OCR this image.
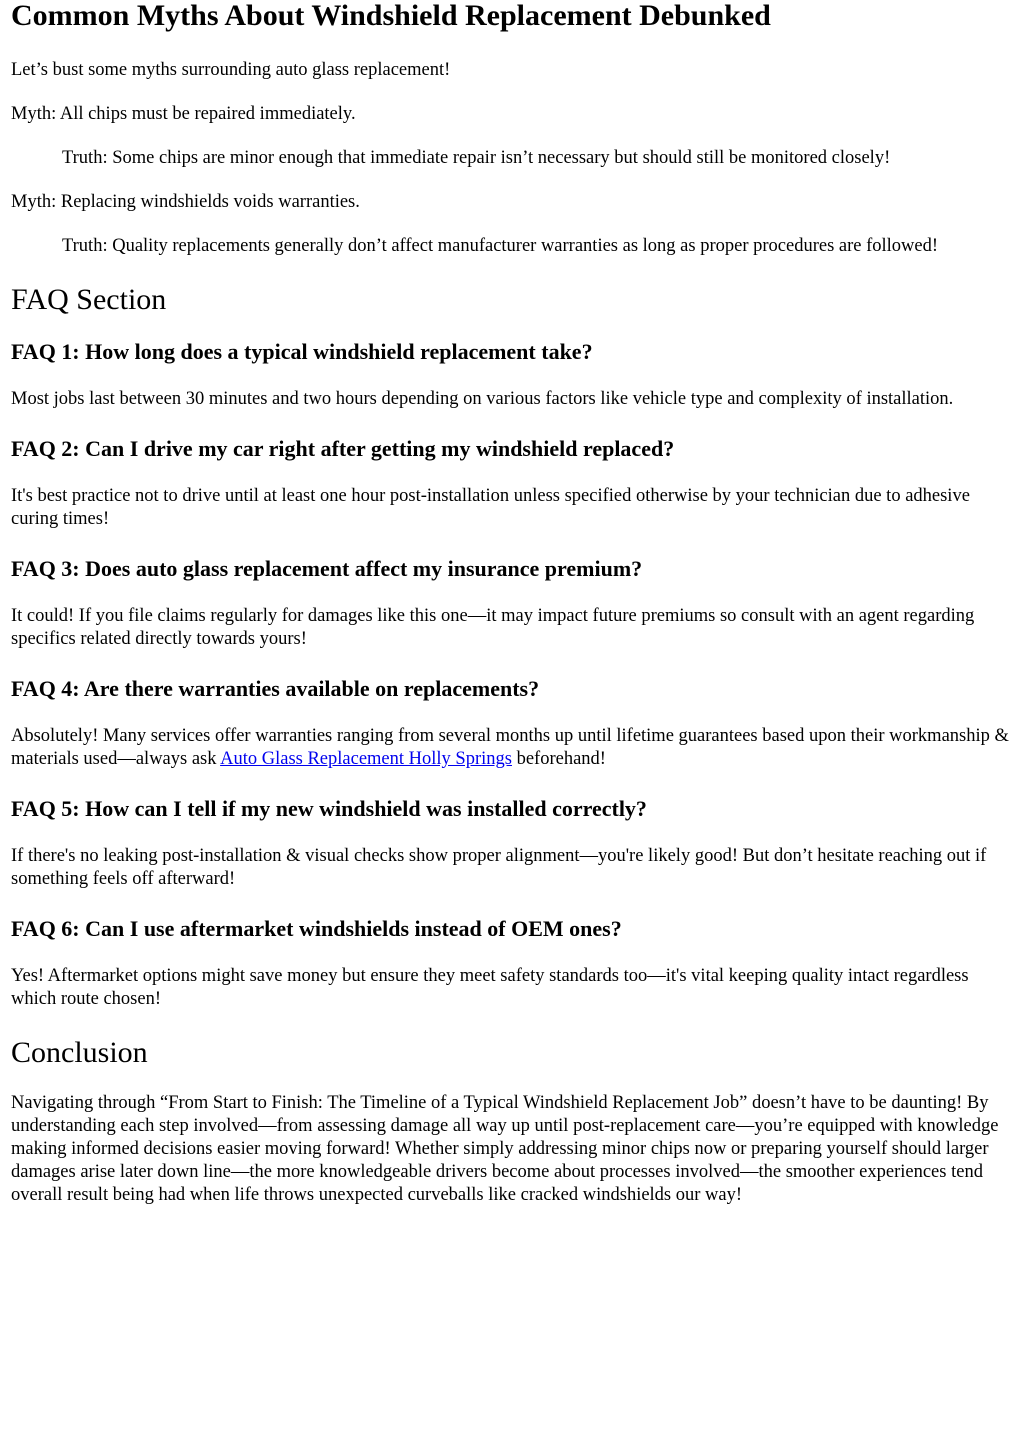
Common Myths About Windshield Replacement Debunked

Let’s bust some myths surrounding auto glass replacement!

Myth: All chips must be repaired immediately.

Truth: Some chips are minor enough that immediate repair isn’t necessary but should still be monitored closely!

Myth: Replacing windshields voids warranties.

Truth: Quality replacements generally don’t affect manufacturer warranties as long as proper procedures are followed!
FAQ Section
FAQ 1: How long does a typical windshield replacement take?

Most jobs last between 30 minutes and two hours depending on various factors like vehicle type and complexity of installation.

FAQ 2: Can I drive my car right after getting my windshield replaced?

It's best practice not to drive until at least one hour post-installation unless specified otherwise by your technician due to adhesive curing times!

FAQ 3: Does auto glass replacement affect my insurance premium?

It could! If you file claims regularly for damages like this one—it may impact future premiums so consult with an agent regarding specifics related directly towards yours!

FAQ 4: Are there warranties available on replacements?

Absolutely! Many services offer warranties ranging from several months up until lifetime guarantees based upon their workmanship & materials used—always ask Auto Glass Replacement Holly Springs beforehand!

FAQ 5: How can I tell if my new windshield was installed correctly?

If there's no leaking post-installation & visual checks show proper alignment—you're likely good! But don’t hesitate reaching out if something feels off afterward!

FAQ 6: Can I use aftermarket windshields instead of OEM ones?

Yes! Aftermarket options might save money but ensure they meet safety standards too—it's vital keeping quality intact regardless which route chosen!

Conclusion

Navigating through “From Start to Finish: The Timeline of a Typical Windshield Replacement Job” doesn’t have to be daunting! By understanding each step involved—from assessing damage all way up until post-replacement care—you’re equipped with knowledge making informed decisions easier moving forward! Whether simply addressing minor chips now or preparing yourself should larger damages arise later down line—the more knowledgeable drivers become about processes involved—the smoother experiences tend overall result being had when life throws unexpected curveballs like cracked windshields our way!
